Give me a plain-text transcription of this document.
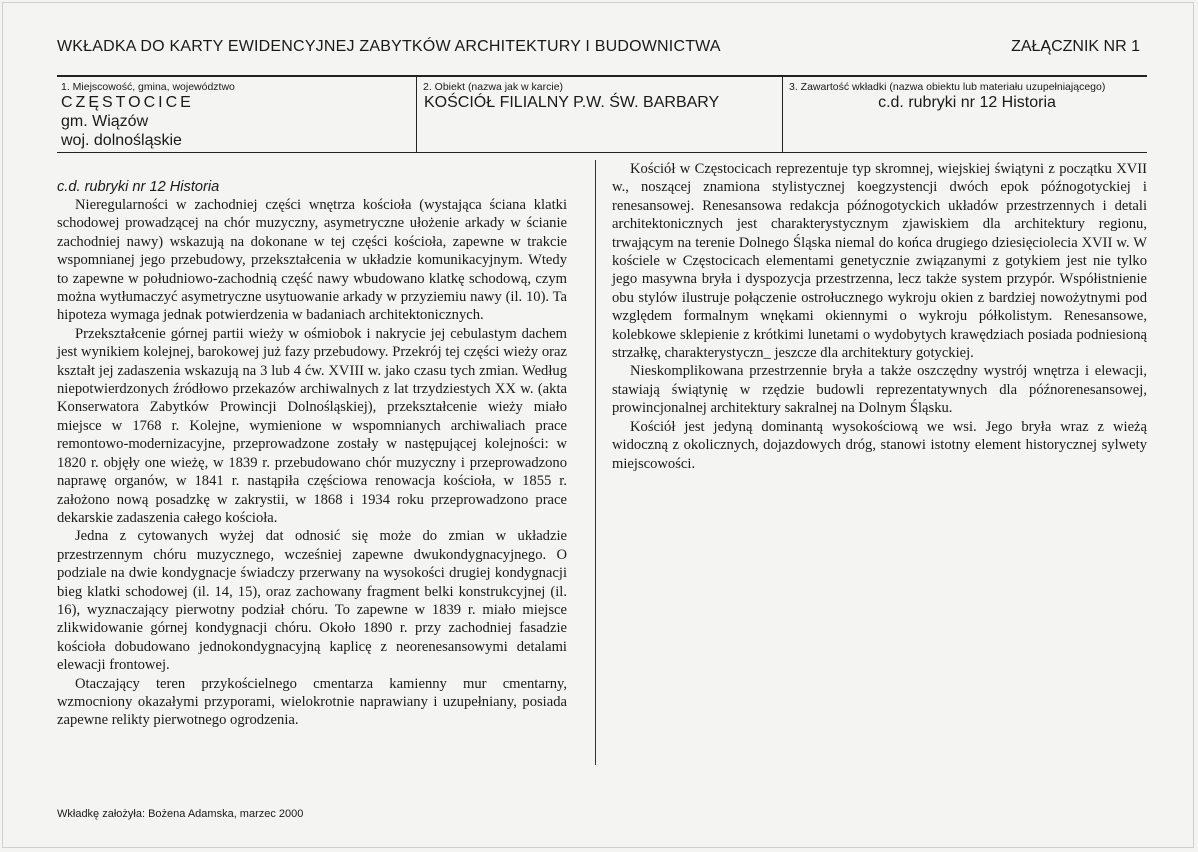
WKŁADKA DO KARTY EWIDENCYJNEJ ZABYTKÓW ARCHITEKTURY I BUDOWNICTWA	ZAŁĄCZNIK NR 1
1. Miejscowość, gmina, województwo
CZĘSTOCICE
gm. Wiązów
woj. dolnośląskie
2. Obiekt (nazwa jak w karcie)
KOŚCIÓŁ FILIALNY P.W. ŚW. BARBARY
3. Zawartość wkładki (nazwa obiektu lub materiału uzupełniającego)
c.d. rubryki nr 12 Historia
c.d. rubryki nr 12 Historia

Nieregularności w zachodniej części wnętrza kościoła (wystająca ściana klatki schodowej prowadzącej na chór muzyczny, asymetryczne ułożenie arkady w ścianie zachodniej nawy) wskazują na dokonane w tej części kościoła, zapewne w trakcie wspomnianej jego przebudowy, przekształcenia w układzie komunikacyjnym. Wtedy to zapewne w południowo-zachodnią część nawy wbudowano klatkę schodową, czym można wytłumaczyć asymetryczne usytuowanie arkady w przyziemiu nawy (il. 10). Ta hipoteza wymaga jednak potwierdzenia w badaniach architektonicznych.

Przekształcenie górnej partii wieży w ośmiobok i nakrycie jej cebulastym dachem jest wynikiem kolejnej, barokowej już fazy przebudowy. Przekrój tej części wieży oraz kształt jej zadaszenia wskazują na 3 lub 4 ćw. XVIII w. jako czasu tych zmian. Według niepotwierdzonych źródłowo przekazów archiwalnych z lat trzydziestych XX w. (akta Konserwatora Zabytków Prowincji Dolnośląskiej), przekształcenie wieży miało miejsce w 1768 r. Kolejne, wymienione w wspomnianych archiwaliach prace remontowo-modernizacyjne, przeprowadzone zostały w następującej kolejności: w 1820 r. objęły one wieżę, w 1839 r. przebudowano chór muzyczny i przeprowadzono naprawę organów, w 1841 r. nastąpiła częściowa renowacja kościoła, w 1855 r. założono nową posadzkę w zakrystii, w 1868 i 1934 roku przeprowadzono prace dekarskie zadaszenia całego kościoła.

Jedna z cytowanych wyżej dat odnosić się może do zmian w układzie przestrzennym chóru muzycznego, wcześniej zapewne dwukondygnacyjnego. O podziale na dwie kondygnacje świadczy przerwany na wysokości drugiej kondygnacji bieg klatki schodowej (il. 14, 15), oraz zachowany fragment belki konstrukcyjnej (il. 16), wyznaczający pierwotny podział chóru. To zapewne w 1839 r. miało miejsce zlikwidowanie górnej kondygnacji chóru. Około 1890 r. przy zachodniej fasadzie kościoła dobudowano jednokondygnacyjną kaplicę z neorenesansowymi detalami elewacji frontowej.

Otaczający teren przykościelnego cmentarza kamienny mur cmentarny, wzmocniony okazałymi przyporami, wielokrotnie naprawiany i uzupełniany, posiada zapewne relikty pierwotnego ogrodzenia.

Kościół w Częstocicach reprezentuje typ skromnej, wiejskiej świątyni z początku XVII w., noszącej znamiona stylistycznej koegzystencji dwóch epok późnogotyckiej i renesansowej. Renesansowa redakcja późnogotyckich układów przestrzennych i detali architektonicznych jest charakterystycznym zjawiskiem dla architektury regionu, trwającym na terenie Dolnego Śląska niemal do końca drugiego dziesięciolecia XVII w. W kościele w Częstocicach elementami genetycznie związanymi z gotykiem jest nie tylko jego masywna bryła i dyspozycja przestrzenna, lecz także system przypór. Współistnienie obu stylów ilustruje połączenie ostrołucznego wykroju okien z bardziej nowożytnymi pod względem formalnym wnękami okiennymi o wykroju półkolistym. Renesansowe, kolebkowe sklepienie z krótkimi lunetami o wydobytych krawędziach posiada podniesioną strzałkę, charakterystyczn_ jeszcze dla architektury gotyckiej.

Nieskomplikowana przestrzennie bryła a także oszczędny wystrój wnętrza i elewacji, stawiają świątynię w rzędzie budowli reprezentatywnych dla późnorenesansowej, prowincjonalnej architektury sakralnej na Dolnym Śląsku.

Kościół jest jedyną dominantą wysokościową we wsi. Jego bryła wraz z wieżą widoczną z okolicznych, dojazdowych dróg, stanowi istotny element historycznej sylwety miejscowości.

Wkładkę założyła: Bożena Adamska, marzec 2000
